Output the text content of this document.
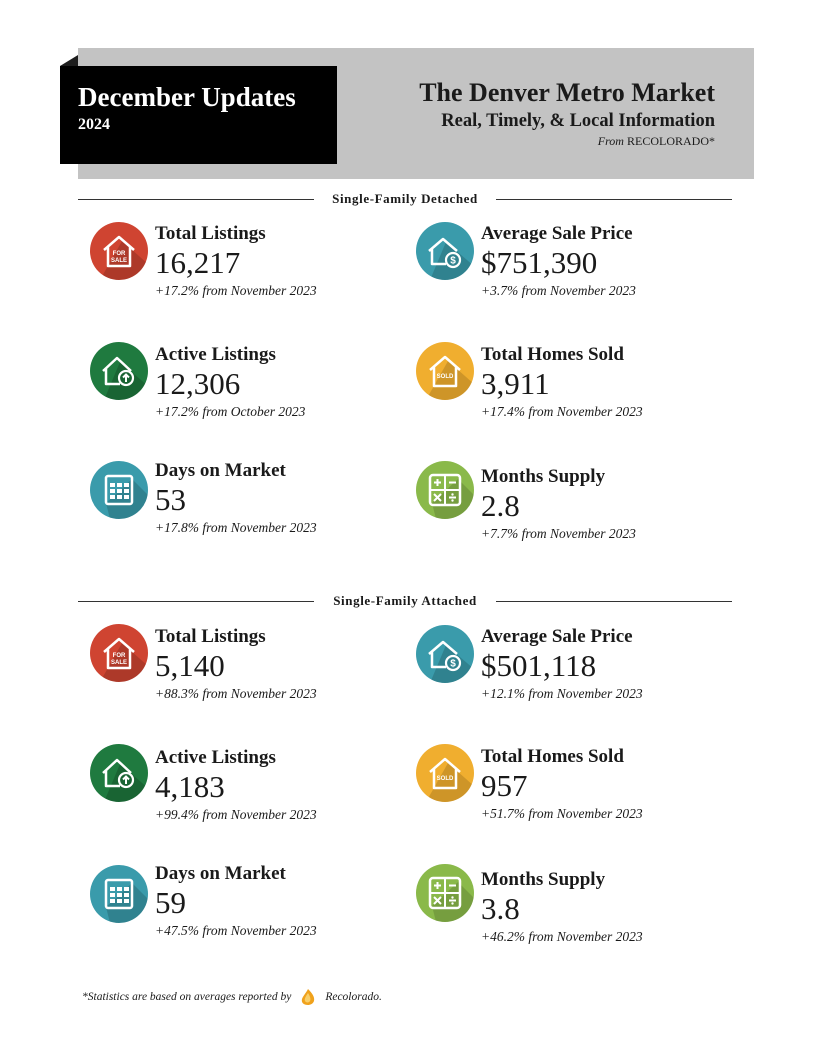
December Updates
2024
The Denver Metro Market
Real, Timely, & Local Information
From RECOLORADO*
Single-Family Detached
FOR
SALE
Total Listings
16,217
+17.2% from November 2023
$
Average Sale Price
$751,390
+3.7% from November 2023
Active Listings
12,306
+17.2% from October 2023
SOLD
Total Homes Sold
3,911
+17.4% from November 2023
Days on Market
53
+17.8% from November 2023
Months Supply
2.8
+7.7% from November 2023
Single-Family Attached
FOR
SALE
Total Listings
5,140
+88.3% from November 2023
$
Average Sale Price
$501,118
+12.1% from November 2023
Active Listings
4,183
+99.4% from November 2023
SOLD
Total Homes Sold
957
+51.7% from November 2023
Days on Market
59
+47.5% from November 2023
Months Supply
3.8
+46.2% from November 2023
*Statistics are based on averages reported by	Recolorado.
